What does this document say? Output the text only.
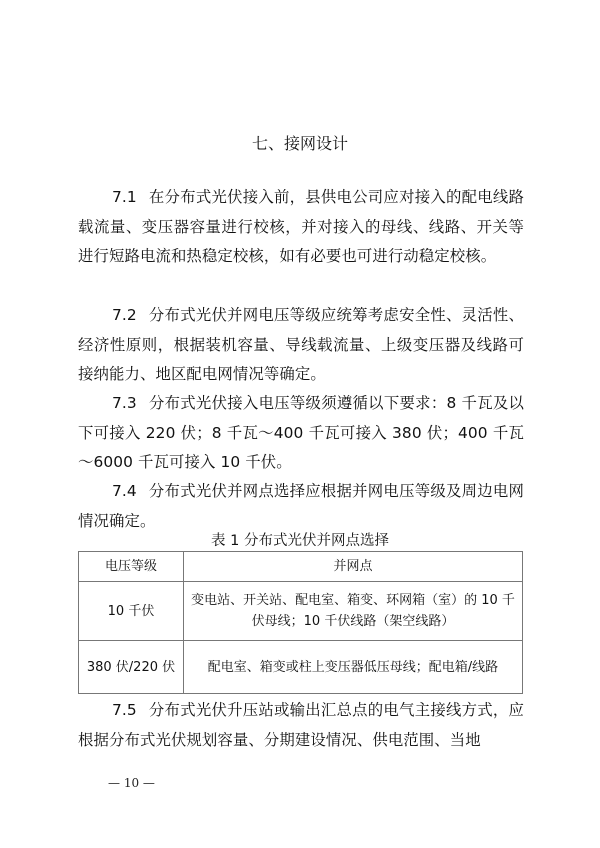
七、接网设计
7.1 在分布式光伏接入前，县供电公司应对接入的配电线路载流量、变压器容量进行校核，并对接入的母线、线路、开关等进行短路电流和热稳定校核，如有必要也可进行动稳定校核。
7.2 分布式光伏并网电压等级应统筹考虑安全性、灵活性、经济性原则，根据装机容量、导线载流量、上级变压器及线路可接纳能力、地区配电网情况等确定。
7.3 分布式光伏接入电压等级须遵循以下要求：8 千瓦及以下可接入 220 伏；8 千瓦～400 千瓦可接入 380 伏；400 千瓦～6000 千瓦可接入 10 千伏。
7.4 分布式光伏并网点选择应根据并网电压等级及周边电网情况确定。
表 1 分布式光伏并网点选择
电压等级	并网点
10 千伏	变电站、开关站、配电室、箱变、环网箱（室）的 10 千伏母线；10 千伏线路（架空线路）
380 伏/220 伏	配电室、箱变或柱上变压器低压母线；配电箱/线路
7.5 分布式光伏升压站或输出汇总点的电气主接线方式，应根据分布式光伏规划容量、分期建设情况、供电范围、当地
— 10 —
